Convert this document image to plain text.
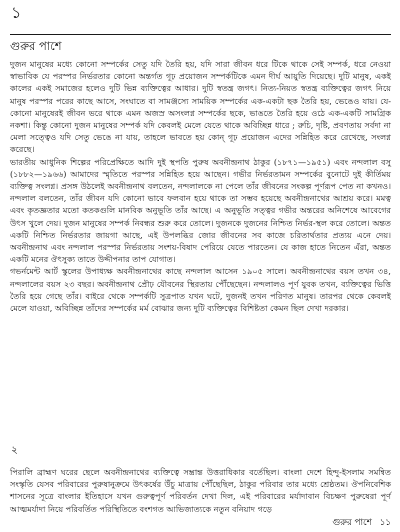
১
গুরুর পাশে

দুজন মানুষের মধ্যে কোনো সম্পর্কের সেতু যদি তৈরি হয়, যদি সারা জীবন ধরে টিকে থাকে সেই সম্পর্ক, ধরে নেওয়া স্বাভাবিক যে পরস্পর নির্ভরতার কোনো অন্তর্গত গূঢ় প্রয়োজন সম্পর্কটিকে এমন দীর্ঘ আয়ুতি দিয়েছে। দুটি মানুষ, একই কালের একই সমাজের হলেও দুটি ভিন্ন ব্যক্তিত্বের আধার। দুটি স্বতন্ত্র জগৎ। নিত্য-নিয়ত স্বতন্ত্র ব্যক্তিত্বের জগৎ নিয়ে মানুষ পরস্পর পরের কাছে আসে, সংঘাতে বা সামঞ্জস্যে সাময়িক সম্পর্কের এক-একটা ছক তৈরি হয়, ভেঙেও যায়। যে-কোনো মানুষেরই জীবন ভরে থাকে এমন অজস্র অসংলগ্ন সম্পর্কের ছকে, ভাঙতে তৈরি হয়ে ওঠে এক-একটি সামগ্রিক নকশা। কিন্তু কোনো দুজন মানুষের সম্পর্ক যদি কেবলই মেলে যেতে থাকে অবিচ্ছিন্ন ধারে ; রুচি, দৃষ্টি, প্রবণতায় সর্বদা না মেলা সত্ত্বেও যদি সেতু ভেঙে না যায়, তাহলে ভাবতে হয় কোন্ গূঢ় প্রয়োজন এদের সন্নিহিত করে রেখেছে, সংলগ্ন করেছে।

ভারতীয় আধুনিক শিল্পের পরিপ্রেক্ষিতে আদি দুই স্থপতি পুরুষ অবনীন্দ্রনাথ ঠাকুর (১৮৭১—১৯৫১) এবং নন্দলাল বসু (১৮৮২—১৯৬৬) আমাদের স্মৃতিতে পরস্পর সন্নিহিত হয়ে আছেন। গভীর নির্ভরতামন সম্পর্কের বুনোটে দুই কীর্তিময় ব্যক্তিত্ব সংলগ্ন। প্রসঙ্গ উঠলেই অবনীন্দ্রনাথ বলতেন, নন্দলালকে না পেলে তাঁর জীবনের সংকল্প পূর্ণরূপ পেত না কখনও। নন্দলাল বলতেন, তাঁর জীবন যদি কোনো ভাবে ফলবান হয়ে থাকে তা সম্ভব হয়েছে অবনীন্দ্রনাথের আশ্রয় করে। মমত্ব এবং কৃতজ্ঞতার মতো কতকগুলি মানবিক অনুভূতি তাঁর আছে। এ অনুভূতি সত্ত্বর গভীর অন্তরের অনিশেষে আবেগের উৎস খুলে দেয়। দুজন মানুষের সম্পর্ক নিবন্ধর শুরু করে তোলে। দুজনকে দুজনের নিশ্চিত নির্ভর-স্থল করে তোলে। অন্তত একটি নিশ্চিত নির্ভরতার জায়গা আছে, এই উপলব্ধির জোর জীবনের সব কাজে চরিতার্থতার প্রত্যয় এনে দেয়। অবনীন্দ্রনাথ এবং নন্দলাল পরস্পর নির্ভরতায় সংশয়-বিষাদ পেরিয়ে যেতে পারতেন। যে কাজ হাতে নিতেন এঁরা, অন্তত একটি মনের ঔৎসুক্য তাতে উদ্দীপনার তাপ যোগাত।

গভর্নমেন্ট আর্ট স্কুলের উপাধ্যক্ষ অবনীন্দ্রনাথের কাছে নন্দলাল আসেন ১৯০৫ সালে। অবনীন্দ্রনাথের বয়স তখন ৩৪, নন্দলালের বয়স ২৩ বছর। অবনীন্দ্রনাথ প্রৌঢ় যৌবনের স্থিরতায় পৌঁছেছেন। নন্দলালও পূর্ণ যুবক তখন, ব্যক্তিত্বের ভিত্তি তৈরি হয়ে গেছে তাঁর। বাইরে থেকে সম্পর্কটি সুত্রপাত যখন ঘটে, দুজনই তখন পরিণত মানুষ। তারপর থেকে কেবলই মেলে যাওয়া, অবিচ্ছিন্ন তাঁদের সম্পর্কের মর্ম বোঝার জন্য দুটি ব্যক্তিত্বের বিশিষ্টতা কেমন ছিল দেখা দরকার।

২

পিরালি ব্রাহ্মণ ঘরের ছেলে অবনীন্দ্রনাথের ব্যক্তিত্বে সম্ভ্রান্ত উত্তরাধিকার বর্তেছিল। বাংলা দেশে হিন্দু-ইসলাম সমন্বিত সংস্কৃতি যেসব পরিবারের পুরুষানুক্রমে উৎকর্ষের উঁচু মাত্রায় পৌঁছেছিল, ঠাকুর পরিবার তার মধ্যে শ্রেষ্ঠতম। ঔপনিবেশিক শাসনের সূত্রে বাংলার ইতিহাসে যখন গুরুত্বপূর্ণ পরিবর্তন দেখা দিল, এই পরিবারের মর্যাদাবান বিচক্ষণ পুরুষেরা পূর্ণ আত্মমর্যাদা নিয়ে পরিবর্তিত পরিস্থিতিতে বংশগত আভিজাত্যকে নতুন বনিয়াদ গড়ে

গুরুর পাশে ১১
